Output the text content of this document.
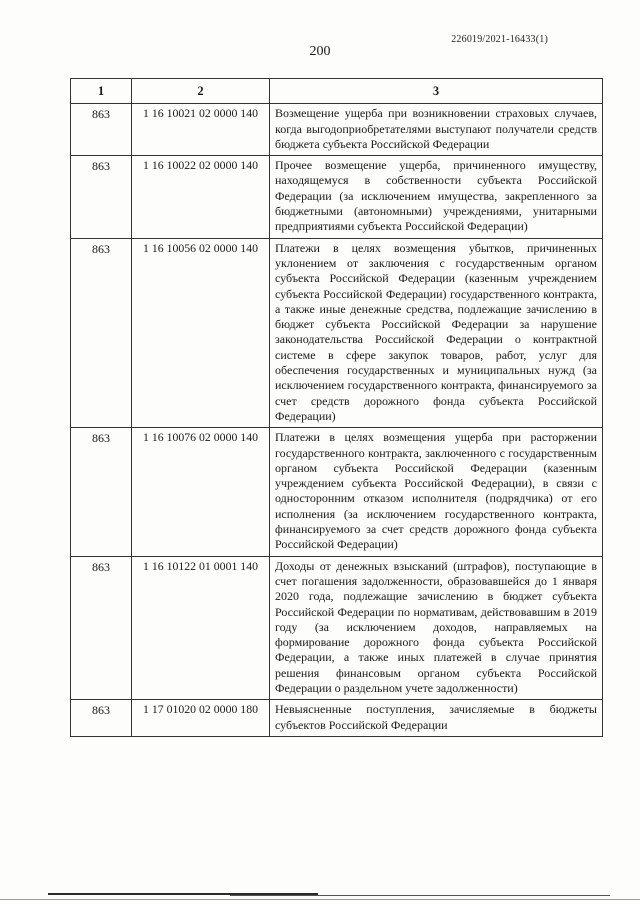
226019/2021-16433(1)
200
1	2	3
863	1 16 10021 02 0000 140	Возмещение ущерба при возникновении страховых случаев, когда выгодоприобретателями выступают получатели средств бюджета субъекта Российской Федерации
863	1 16 10022 02 0000 140	Прочее возмещение ущерба, причиненного имуществу, находящемуся в собственности субъекта Российской Федерации (за исключением имущества, закрепленного за бюджетными (автономными) учреждениями, унитарными предприятиями субъекта Российской Федерации)
863	1 16 10056 02 0000 140	Платежи в целях возмещения убытков, причиненных уклонением от заключения с государственным органом субъекта Российской Федерации (казенным учреждением субъекта Российской Федерации) государственного контракта, а также иные денежные средства, подлежащие зачислению в бюджет субъекта Российской Федерации за нарушение законодательства Российской Федерации о контрактной системе в сфере закупок товаров, работ, услуг для обеспечения государственных и муниципальных нужд (за исключением государственного контракта, финансируемого за счет средств дорожного фонда субъекта Российской Федерации)
863	1 16 10076 02 0000 140	Платежи в целях возмещения ущерба при расторжении государственного контракта, заключенного с государственным органом субъекта Российской Федерации (казенным учреждением субъекта Российской Федерации), в связи с односторонним отказом исполнителя (подрядчика) от его исполнения (за исключением государственного контракта, финансируемого за счет средств дорожного фонда субъекта Российской Федерации)
863	1 16 10122 01 0001 140	Доходы от денежных взысканий (штрафов), поступающие в счет погашения задолженности, образовавшейся до 1 января 2020 года, подлежащие зачислению в бюджет субъекта Российской Федерации по нормативам, действовавшим в 2019 году (за исключением доходов, направляемых на формирование дорожного фонда субъекта Российской Федерации, а также иных платежей в случае принятия решения финансовым органом субъекта Российской Федерации о раздельном учете задолженности)
863	1 17 01020 02 0000 180	Невыясненные поступления, зачисляемые в бюджеты субъектов Российской Федерации
